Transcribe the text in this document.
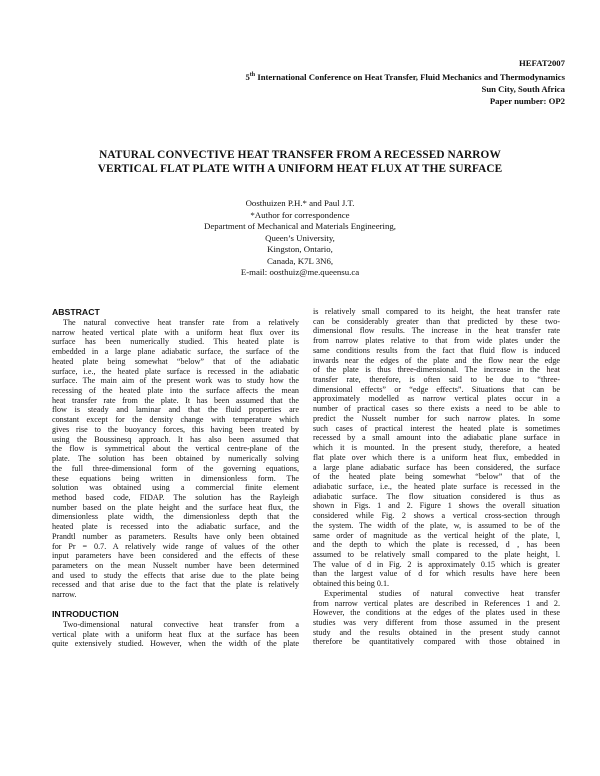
HEFAT2007
5th International Conference on Heat Transfer, Fluid Mechanics and Thermodynamics
Sun City, South Africa
Paper number: OP2
NATURAL CONVECTIVE HEAT TRANSFER FROM A RECESSED NARROW
VERTICAL FLAT PLATE WITH A UNIFORM HEAT FLUX AT THE SURFACE
Oosthuizen P.H.* and Paul J.T.
*Author for correspondence
Department of Mechanical and Materials Engineering,
Queen’s University,
Kingston, Ontario,
Canada, K7L 3N6,
E-mail: oosthuiz@me.queensu.ca
ABSTRACT
The natural convective heat transfer rate from a relatively
narrow heated vertical plate with a uniform heat flux over its
surface has been numerically studied. This heated plate is
embedded in a large plane adiabatic surface, the surface of the
heated plate being somewhat “below” that of the adiabatic
surface, i.e., the heated plate surface is recessed in the adiabatic
surface. The main aim of the present work was to study how the
recessing of the heated plate into the surface affects the mean
heat transfer rate from the plate. It has been assumed that the
flow is steady and laminar and that the fluid properties are
constant except for the density change with temperature which
gives rise to the buoyancy forces, this having been treated by
using the Boussinesq approach. It has also been assumed that
the flow is symmetrical about the vertical centre-plane of the
plate. The solution has been obtained by numerically solving
the full three-dimensional form of the governing equations,
these equations being written in dimensionless form. The
solution was obtained using a commercial finite element
method based code, FIDAP. The solution has the Rayleigh
number based on the plate height and the surface heat flux, the
dimensionless plate width, the dimensionless depth that the
heated plate is recessed into the adiabatic surface, and the
Prandtl number as parameters. Results have only been obtained
for Pr = 0.7. A relatively wide range of values of the other
input parameters have been considered and the effects of these
parameters on the mean Nusselt number have been determined
and used to study the effects that arise due to the plate being
recessed and that arise due to the fact that the plate is relatively
narrow.
INTRODUCTION
Two-dimensional natural convective heat transfer from a
vertical plate with a uniform heat flux at the surface has been
quite extensively studied. However, when the width of the plate
is relatively small compared to its height, the heat transfer rate
can be considerably greater than that predicted by these two-
dimensional flow results. The increase in the heat transfer rate
from narrow plates relative to that from wide plates under the
same conditions results from the fact that fluid flow is induced
inwards near the edges of the plate and the flow near the edge
of the plate is thus three-dimensional. The increase in the heat
transfer rate, therefore, is often said to be due to “three-
dimensional effects” or “edge effects”. Situations that can be
approximately modelled as narrow vertical plates occur in a
number of practical cases so there exists a need to be able to
predict the Nusselt number for such narrow plates. In some
such cases of practical interest the heated plate is sometimes
recessed by a small amount into the adiabatic plane surface in
which it is mounted. In the present study, therefore, a heated
flat plate over which there is a uniform heat flux, embedded in
a large plane adiabatic surface has been considered, the surface
of the heated plate being somewhat “below” that of the
adiabatic surface, i.e., the heated plate surface is recessed in the
adiabatic surface. The flow situation considered is thus as
shown in Figs. 1 and 2. Figure 1 shows the overall situation
considered while Fig. 2 shows a vertical cross-section through
the system. The width of the plate, w, is assumed to be of the
same order of magnitude as the vertical height of the plate, l,
and the depth to which the plate is recessed, d , has been
assumed to be relatively small compared to the plate height, l.
The value of d in Fig. 2 is approximately 0.15 which is greater
than the largest value of d for which results have here been
obtained this being 0.1.
Experimental studies of natural convective heat transfer
from narrow vertical plates are described in References 1 and 2.
However, the conditions at the edges of the plates used in these
studies was very different from those assumed in the present
study and the results obtained in the present study cannot
therefore be quantitatively compared with those obtained in
